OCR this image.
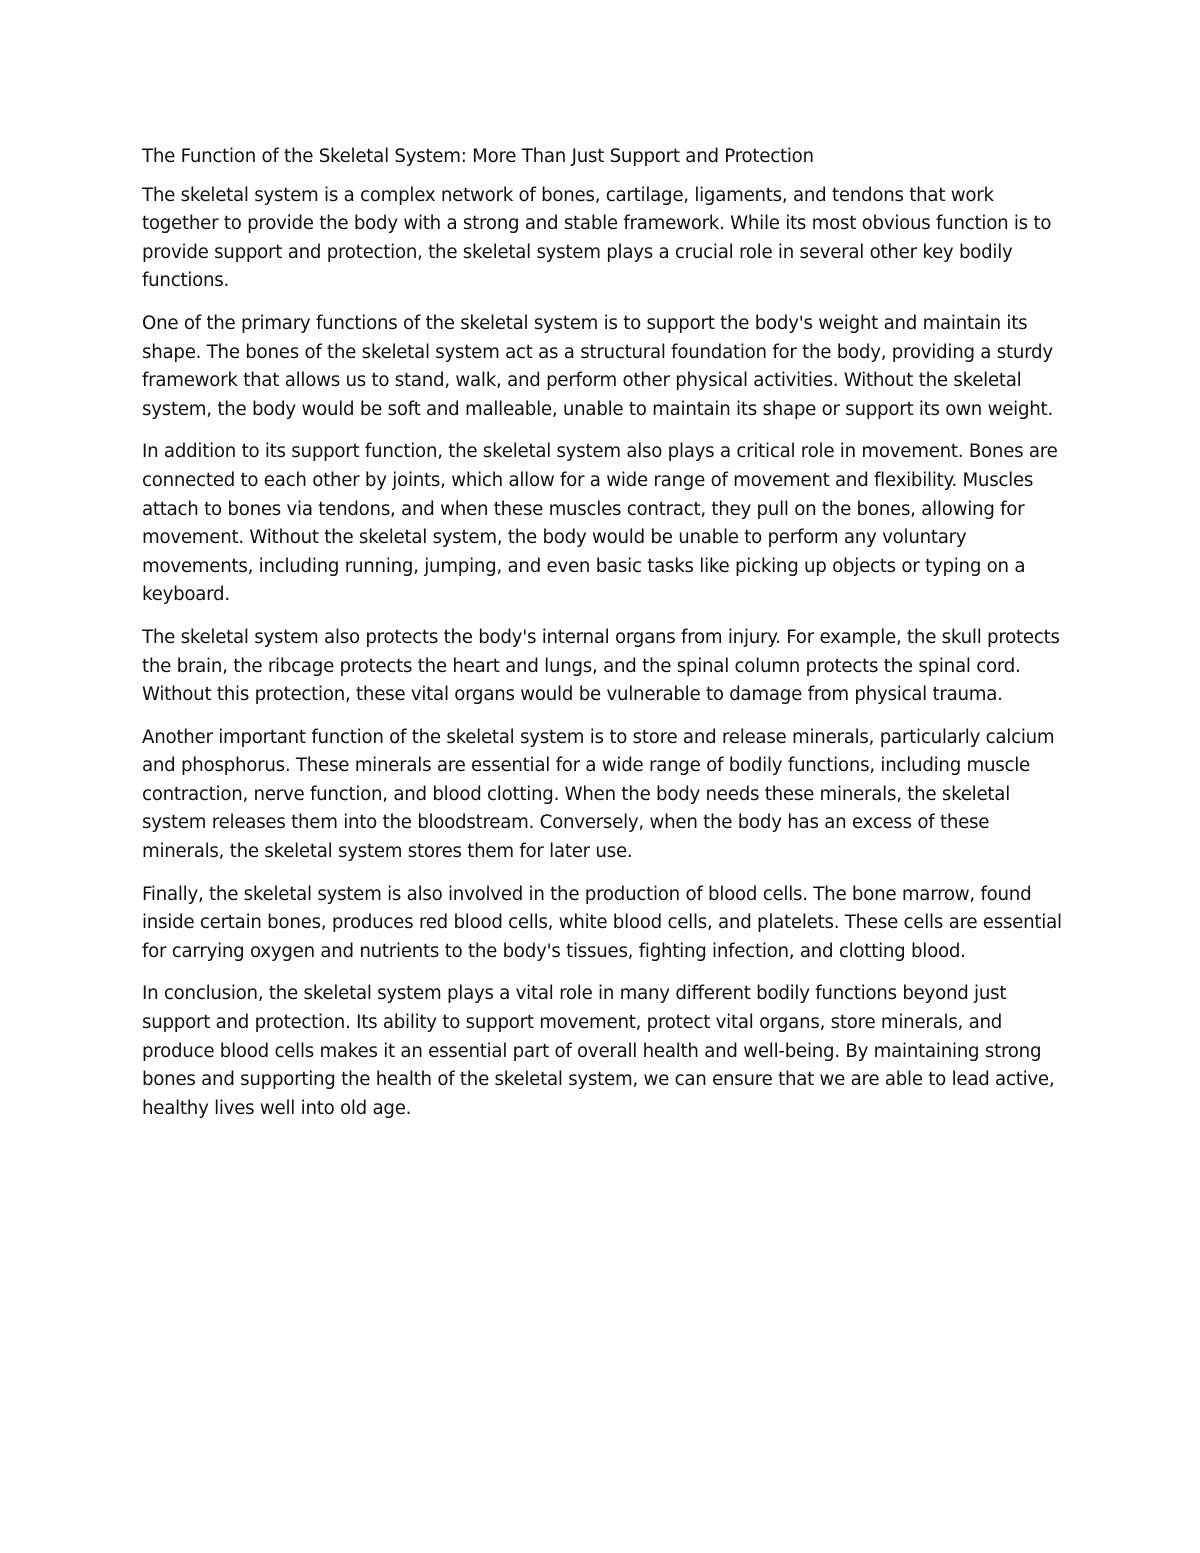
The Function of the Skeletal System: More Than Just Support and Protection

The skeletal system is a complex network of bones, cartilage, ligaments, and tendons that work together to provide the body with a strong and stable framework. While its most obvious function is to provide support and protection, the skeletal system plays a crucial role in several other key bodily functions.

One of the primary functions of the skeletal system is to support the body's weight and maintain its shape. The bones of the skeletal system act as a structural foundation for the body, providing a sturdy framework that allows us to stand, walk, and perform other physical activities. Without the skeletal system, the body would be soft and malleable, unable to maintain its shape or support its own weight.

In addition to its support function, the skeletal system also plays a critical role in movement. Bones are connected to each other by joints, which allow for a wide range of movement and flexibility. Muscles attach to bones via tendons, and when these muscles contract, they pull on the bones, allowing for movement. Without the skeletal system, the body would be unable to perform any voluntary movements, including running, jumping, and even basic tasks like picking up objects or typing on a keyboard.

The skeletal system also protects the body's internal organs from injury. For example, the skull protects the brain, the ribcage protects the heart and lungs, and the spinal column protects the spinal cord. Without this protection, these vital organs would be vulnerable to damage from physical trauma.

Another important function of the skeletal system is to store and release minerals, particularly calcium and phosphorus. These minerals are essential for a wide range of bodily functions, including muscle contraction, nerve function, and blood clotting. When the body needs these minerals, the skeletal system releases them into the bloodstream. Conversely, when the body has an excess of these minerals, the skeletal system stores them for later use.

Finally, the skeletal system is also involved in the production of blood cells. The bone marrow, found inside certain bones, produces red blood cells, white blood cells, and platelets. These cells are essential for carrying oxygen and nutrients to the body's tissues, fighting infection, and clotting blood.

In conclusion, the skeletal system plays a vital role in many different bodily functions beyond just support and protection. Its ability to support movement, protect vital organs, store minerals, and produce blood cells makes it an essential part of overall health and well-being. By maintaining strong bones and supporting the health of the skeletal system, we can ensure that we are able to lead active, healthy lives well into old age.
